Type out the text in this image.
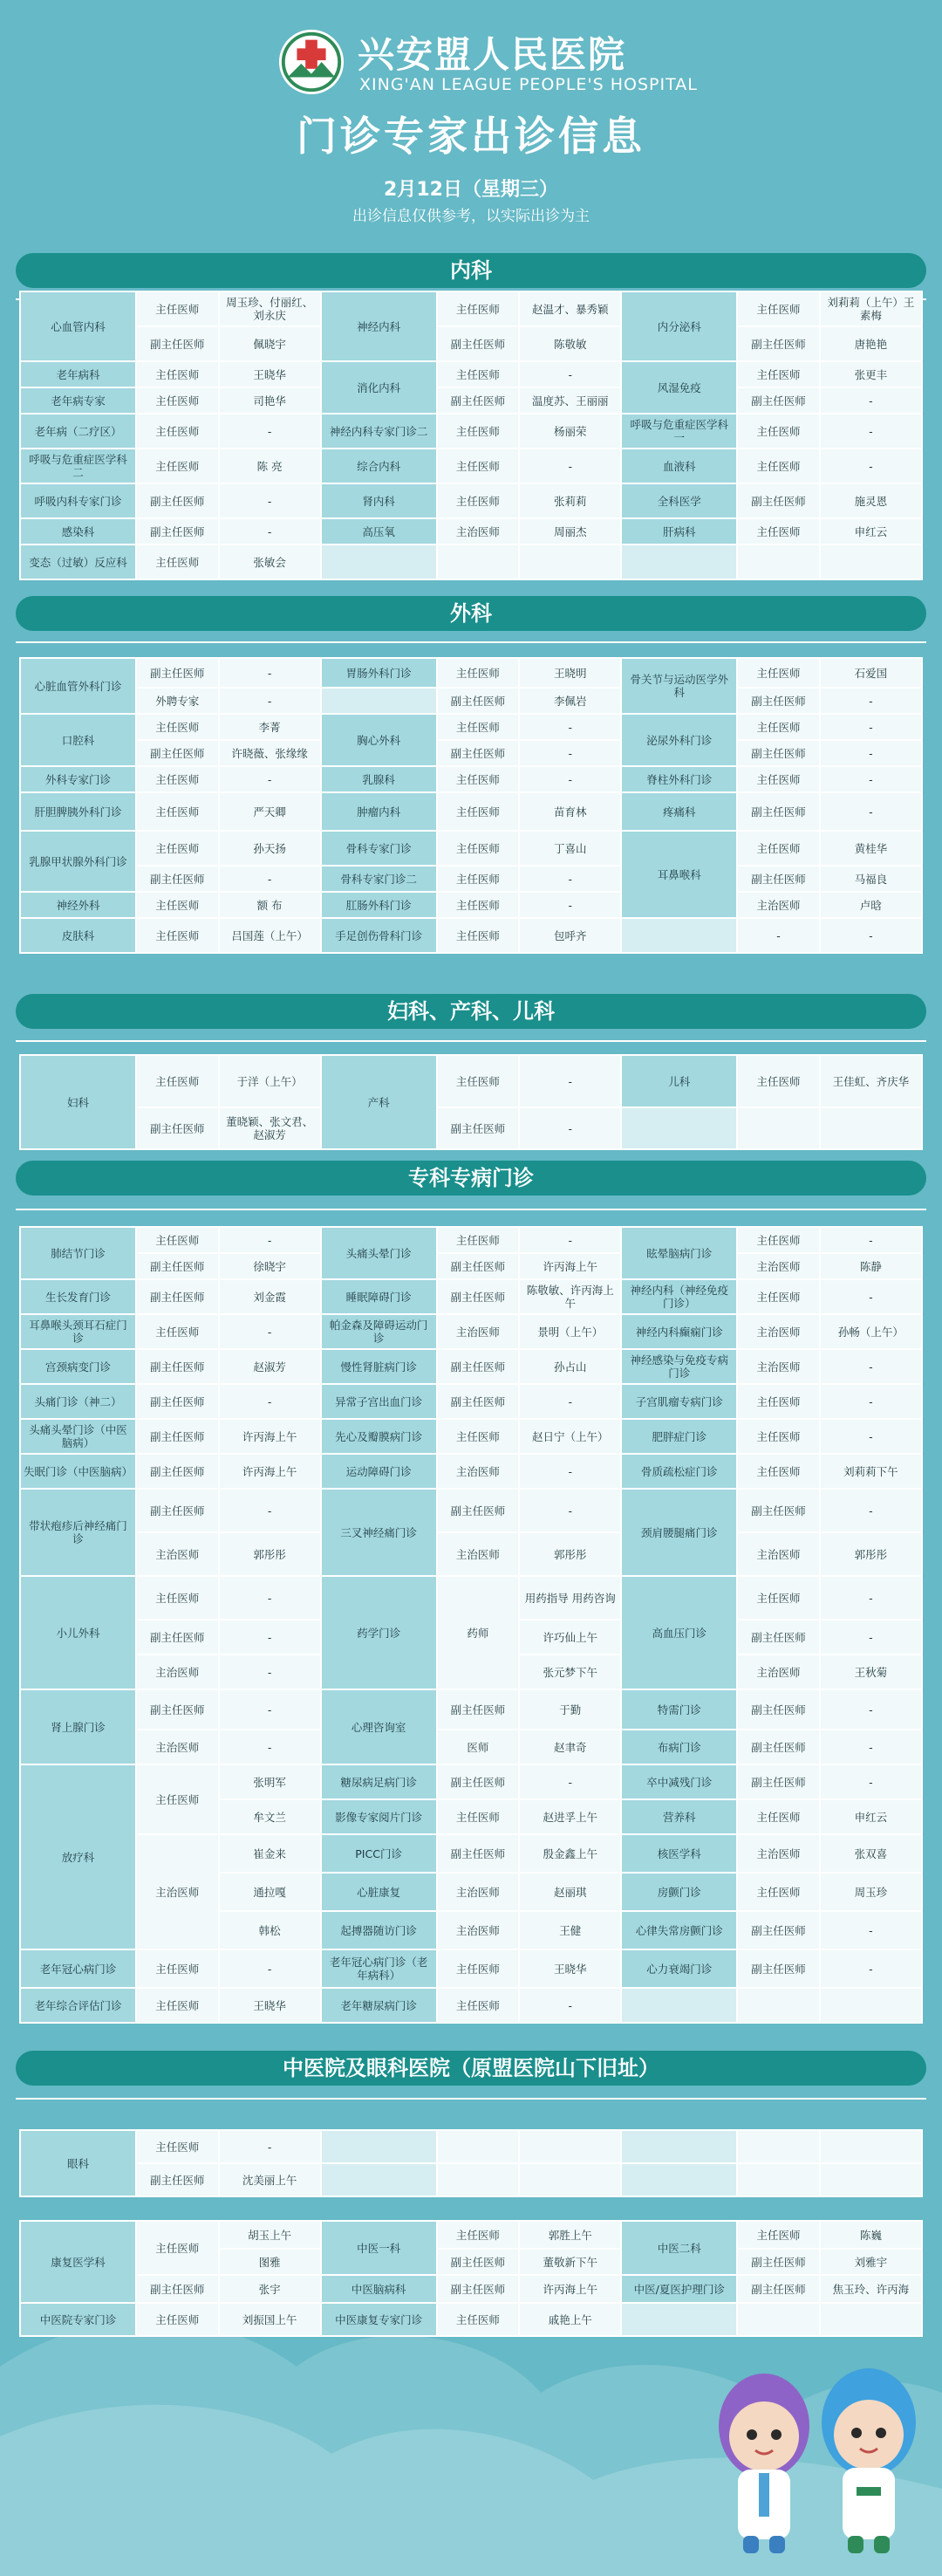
兴安盟人民医院
XING'AN LEAGUE PEOPLE'S HOSPITAL
门诊专家出诊信息
2月12日（星期三）
出诊信息仅供参考，以实际出诊为主
内科
心血管内科	主任医师	周玉珍、付丽红、刘永庆	神经内科	主任医师	赵温才、暴秀颖	内分泌科	主任医师	刘莉莉（上午）王素梅
	副主任医师	佩晓宇		副主任医师	陈敬敏		副主任医师	唐艳艳
老年病科	主任医师	王晓华	消化内科	主任医师	-	风湿免疫	主任医师	张更丰
老年病专家	主任医师	司艳华		副主任医师	温度苏、王丽丽		副主任医师	-
老年病（二疗区）	主任医师	-	神经内科专家门诊二	主任医师	杨丽荣	呼吸与危重症医学科一	主任医师	-
呼吸与危重症医学科二	主任医师	陈 亮	综合内科	主任医师	-	血液科	主任医师	-
呼吸内科专家门诊	副主任医师	-	肾内科	主任医师	张莉莉	全科医学	副主任医师	施灵恩
感染科	副主任医师	-	高压氧	主治医师	周丽杰	肝病科	主任医师	申红云
变态（过敏）反应科	主任医师	张敏会						
外科
心脏血管外科门诊	副主任医师	-	胃肠外科门诊	主任医师	王晓明	骨关节与运动医学外科	主任医师	石爱国
	外聘专家	-		副主任医师	李佩岩		副主任医师	-
口腔科	主任医师	李菁	胸心外科	主任医师	-	泌尿外科门诊	主任医师	-
	副主任医师	许晓薇、张缘缘		副主任医师	-		副主任医师	-
外科专家门诊	主任医师	-	乳腺科	主任医师	-	脊柱外科门诊	主任医师	-
肝胆脾胰外科门诊	主任医师	严天卿	肿瘤内科	主任医师	苗育林	疼痛科	副主任医师	-
乳腺甲状腺外科门诊	主任医师	孙天扬	骨科专家门诊	主任医师	丁喜山	耳鼻喉科	主任医师	黄桂华
	副主任医师	-	骨科专家门诊二	主任医师	-		副主任医师	马福良
神经外科	主任医师	额 布	肛肠外科门诊	主任医师	-		主治医师	卢晗
皮肤科	主任医师	吕国莲（上午）	手足创伤骨科门诊	主任医师	包呼齐		-	-
妇科、产科、儿科
妇科	主任医师	于洋（上午）	产科	主任医师	-	儿科	主任医师	王佳虹、齐庆华
	副主任医师	董晓颖、张文君、赵淑芳		副主任医师	-			
专科专病门诊
肺结节门诊	主任医师	-	头痛头晕门诊	主任医师	-	眩晕脑病门诊	主任医师	-
	副主任医师	徐晓宇		副主任医师	许丙海上午		主治医师	陈静
生长发育门诊	副主任医师	刘金霞	睡眠障碍门诊	副主任医师	陈敬敏、许丙海上午	神经内科（神经免疫门诊）	主任医师	-
耳鼻喉头颈耳石症门诊	主任医师	-	帕金森及障碍运动门诊	主治医师	景明（上午）	神经内科癫痫门诊	主治医师	孙畅（上午）
宫颈病变门诊	副主任医师	赵淑芳	慢性肾脏病门诊	副主任医师	孙占山	神经感染与免疫专病门诊	主治医师	-
头痛门诊（神二）	副主任医师	-	异常子宫出血门诊	副主任医师	-	子宫肌瘤专病门诊	主任医师	-
头痛头晕门诊（中医脑病）	副主任医师	许丙海上午	先心及瓣膜病门诊	主任医师	赵日宁（上午）	肥胖症门诊	主任医师	-
失眠门诊（中医脑病）	副主任医师	许丙海上午	运动障碍门诊	主治医师	-	骨质疏松症门诊	主任医师	刘莉莉下午
带状疱疹后神经痛门诊	副主任医师	-	三叉神经痛门诊	副主任医师	-	颈肩腰腿痛门诊	副主任医师	-
	主治医师	郭彤彤		主治医师	郭彤彤		主治医师	郭彤彤
小儿外科	主任医师	-	药学门诊	药师	用药指导 用药咨询	高血压门诊	主任医师	-
	副主任医师	-			许巧仙上午		副主任医师	-
	主治医师	-			张元梦下午		主治医师	王秋菊
肾上腺门诊	副主任医师	-	心理咨询室	副主任医师	于勤	特需门诊	副主任医师	-
	主治医师	-		医师	赵聿奇	布病门诊	副主任医师	-
放疗科	主任医师	张明军	糖尿病足病门诊	副主任医师	-	卒中减残门诊	副主任医师	-
		牟文兰	影像专家阅片门诊	主任医师	赵进孚上午	营养科	主任医师	申红云
	主治医师	崔金来	PICC门诊	副主任医师	殷金鑫上午	核医学科	主治医师	张双喜
		通拉嘎	心脏康复	主治医师	赵丽琪	房颤门诊	主任医师	周玉珍
		韩松	起搏器随访门诊	主治医师	王健	心律失常房颤门诊	副主任医师	-
老年冠心病门诊	主任医师	-	老年冠心病门诊（老年病科）	主任医师	王晓华	心力衰竭门诊	副主任医师	-
老年综合评估门诊	主任医师	王晓华	老年糖尿病门诊	主任医师	-			
中医院及眼科医院（原盟医院山下旧址）
眼科	主任医师	-						
	副主任医师	沈美丽上午						
康复医学科	主任医师	胡玉上午	中医一科	主任医师	郭胜上午	中医二科	主任医师	陈巍
		图雅		副主任医师	董敬新下午		副主任医师	刘雅宇
	副主任医师	张宇	中医脑病科	副主任医师	许丙海上午	中医/夏医护理门诊	副主任医师	焦玉玲、许丙海
中医院专家门诊	主任医师	刘振国上午	中医康复专家门诊	主任医师	戚艳上午			
